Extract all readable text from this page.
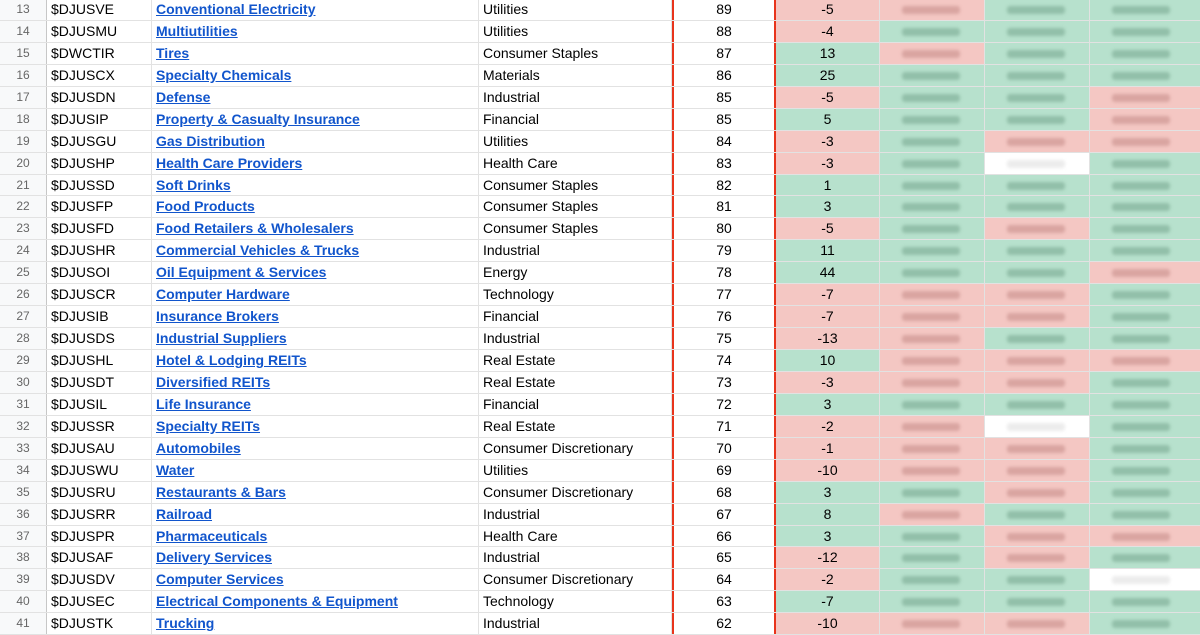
13	$DJUSVE	Conventional Electricity	Utilities	89	-5
14	$DJUSMU	Multiutilities	Utilities	88	-4
15	$DWCTIR	Tires	Consumer Staples	87	13
16	$DJUSCX	Specialty Chemicals	Materials	86	25
17	$DJUSDN	Defense	Industrial	85	-5
18	$DJUSIP	Property & Casualty Insurance	Financial	85	5
19	$DJUSGU	Gas Distribution	Utilities	84	-3
20	$DJUSHP	Health Care Providers	Health Care	83	-3
21	$DJUSSD	Soft Drinks	Consumer Staples	82	1
22	$DJUSFP	Food Products	Consumer Staples	81	3
23	$DJUSFD	Food Retailers & Wholesalers	Consumer Staples	80	-5
24	$DJUSHR	Commercial Vehicles & Trucks	Industrial	79	11
25	$DJUSOI	Oil Equipment & Services	Energy	78	44
26	$DJUSCR	Computer Hardware	Technology	77	-7
27	$DJUSIB	Insurance Brokers	Financial	76	-7
28	$DJUSDS	Industrial Suppliers	Industrial	75	-13
29	$DJUSHL	Hotel & Lodging REITs	Real Estate	74	10
30	$DJUSDT	Diversified REITs	Real Estate	73	-3
31	$DJUSIL	Life Insurance	Financial	72	3
32	$DJUSSR	Specialty REITs	Real Estate	71	-2
33	$DJUSAU	Automobiles	Consumer Discretionary	70	-1
34	$DJUSWU	Water	Utilities	69	-10
35	$DJUSRU	Restaurants & Bars	Consumer Discretionary	68	3
36	$DJUSRR	Railroad	Industrial	67	8
37	$DJUSPR	Pharmaceuticals	Health Care	66	3
38	$DJUSAF	Delivery Services	Industrial	65	-12
39	$DJUSDV	Computer Services	Consumer Discretionary	64	-2
40	$DJUSEC	Electrical Components & Equipment	Technology	63	-7
41	$DJUSTK	Trucking	Industrial	62	-10
